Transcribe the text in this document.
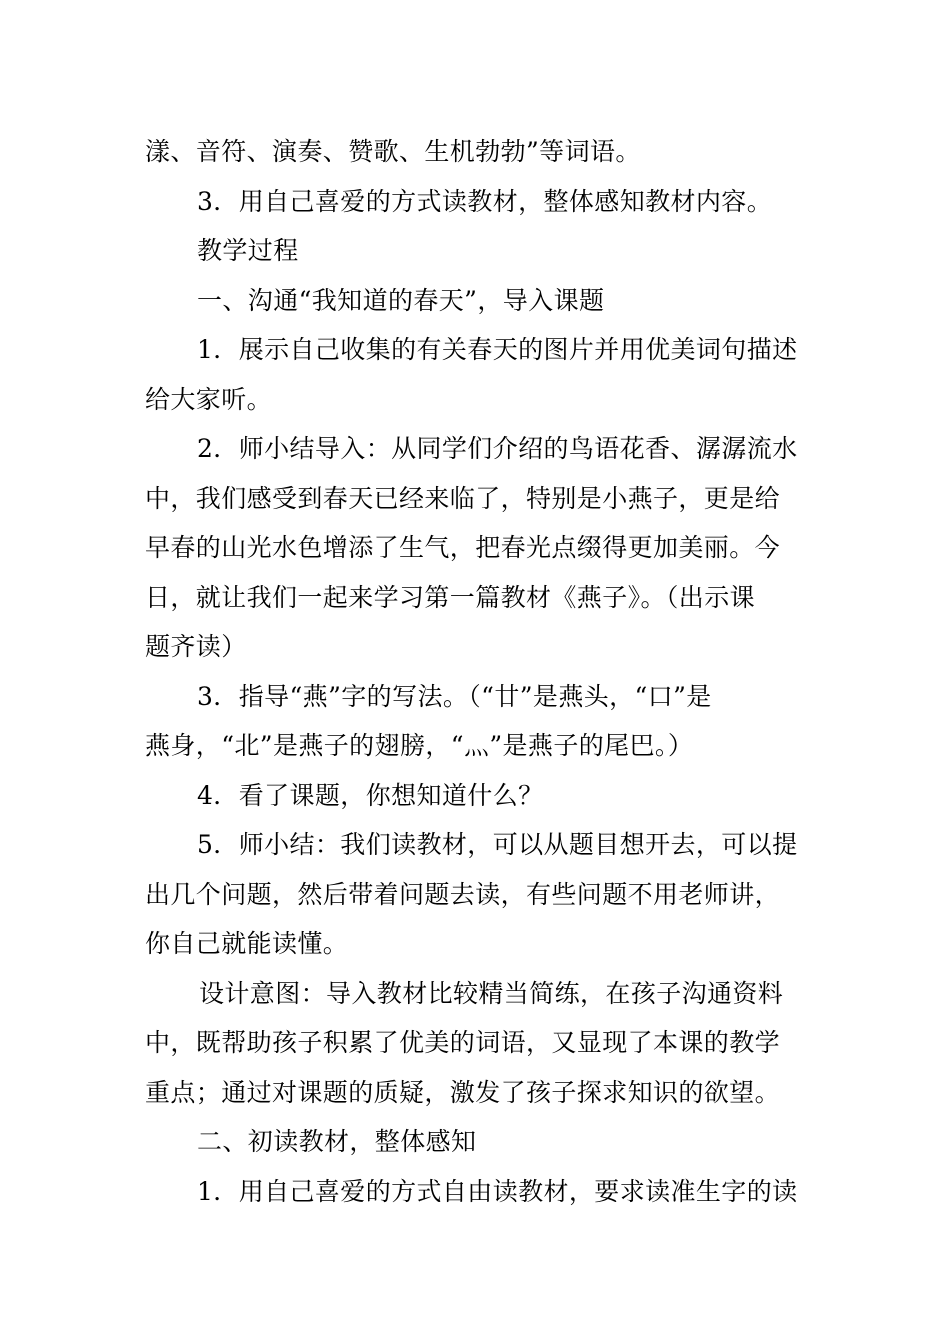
漾、音符、演奏、赞歌、生机勃勃”等词语。
3．用自己喜爱的方式读教材，整体感知教材内容。
教学过程
一、沟通“我知道的春天”，导入课题
1．展示自己收集的有关春天的图片并用优美词句描述
给大家听。
2．师小结导入：从同学们介绍的鸟语花香、潺潺流水
中，我们感受到春天已经来临了，特别是小燕子，更是给
早春的山光水色增添了生气，把春光点缀得更加美丽。今
日，就让我们一起来学习第一篇教材《燕子》。（出示课
题齐读）
3．指导“燕”字的写法。（“廿”是燕头，“口”是
燕身，“北”是燕子的翅膀，“灬”是燕子的尾巴。）
4．看了课题，你想知道什么？
5．师小结：我们读教材，可以从题目想开去，可以提
出几个问题，然后带着问题去读，有些问题不用老师讲，
你自己就能读懂。
设计意图：导入教材比较精当简练，在孩子沟通资料
中，既帮助孩子积累了优美的词语，又显现了本课的教学
重点；通过对课题的质疑，激发了孩子探求知识的欲望。
二、初读教材，整体感知
1．用自己喜爱的方式自由读教材，要求读准生字的读
